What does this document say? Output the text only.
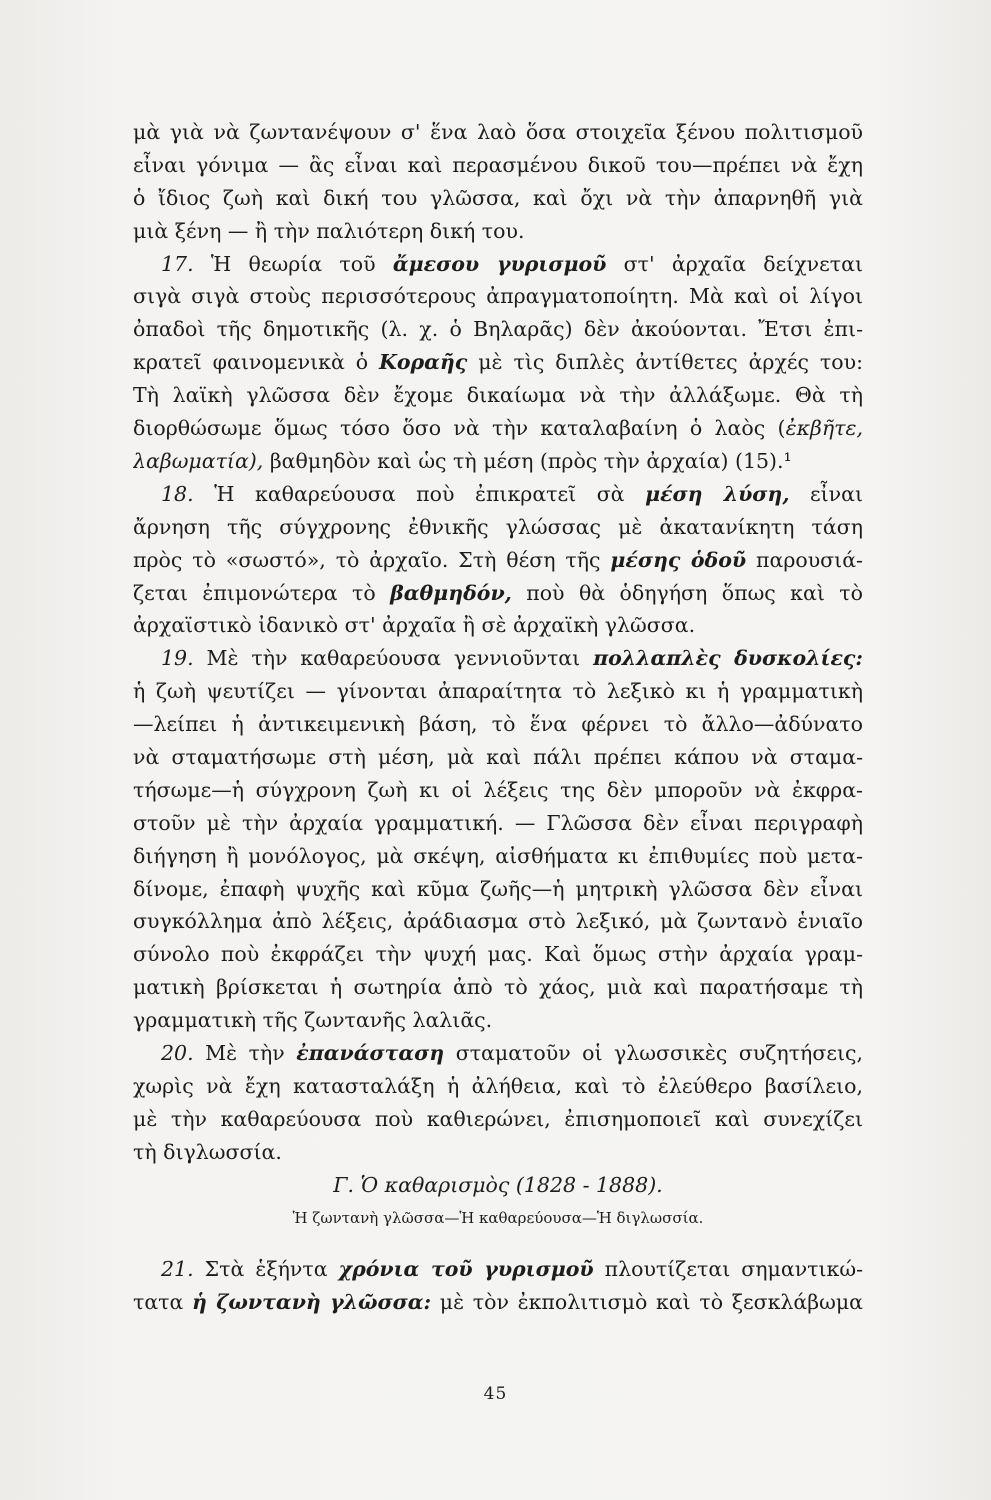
μὰ γιὰ νὰ ζωντανέψουν σ' ἕνα λαὸ ὅσα στοιχεῖα ξένου πολιτισμοῦ
εἶναι γόνιμα — ἂς εἶναι καὶ περασμένου δικοῦ του—πρέπει νὰ ἔχη
ὁ ἴδιος ζωὴ καὶ δική του γλῶσσα, καὶ ὄχι νὰ τὴν ἀπαρνηθῆ γιὰ
μιὰ ξένη — ἢ τὴν παλιότερη δική του.
17. Ἡ θεωρία τοῦ ἄμεσου γυρισμοῦ στ' ἀρχαῖα δείχνεται
σιγὰ σιγὰ στοὺς περισσότερους ἀπραγματοποίητη. Μὰ καὶ οἱ λίγοι
ὀπαδοὶ τῆς δημοτικῆς (λ. χ. ὁ Βηλαρᾶς) δὲν ἀκούονται. Ἔτσι ἐπι-
κρατεῖ φαινομενικὰ ὁ Κοραῆς μὲ τὶς διπλὲς ἀντίθετες ἀρχές του:
Τὴ λαϊκὴ γλῶσσα δὲν ἔχομε δικαίωμα νὰ τὴν ἀλλάξωμε. Θὰ τὴ
διορθώσωμε ὅμως τόσο ὅσο νὰ τὴν καταλαβαίνη ὁ λαὸς (ἐκβῆτε,
λαβωματία), βαθμηδὸν καὶ ὡς τὴ μέση (πρὸς τὴν ἀρχαία) (15).¹
18. Ἡ καθαρεύουσα ποὺ ἐπικρατεῖ σὰ μέση λύση, εἶναι
ἄρνηση τῆς σύγχρονης ἐθνικῆς γλώσσας μὲ ἀκατανίκητη τάση
πρὸς τὸ «σωστό», τὸ ἀρχαῖο. Στὴ θέση τῆς μέσης ὁδοῦ παρουσιά-
ζεται ἐπιμονώτερα τὸ βαθμηδόν, ποὺ θὰ ὁδηγήση ὅπως καὶ τὸ
ἀρχαϊστικὸ ἰδανικὸ στ' ἀρχαῖα ἢ σὲ ἀρχαϊκὴ γλῶσσα.
19. Μὲ τὴν καθαρεύουσα γεννιοῦνται πολλαπλὲς δυσκολίες:
ἡ ζωὴ ψευτίζει — γίνονται ἀπαραίτητα τὸ λεξικὸ κι ἡ γραμματικὴ
—λείπει ἡ ἀντικειμενικὴ βάση, τὸ ἕνα φέρνει τὸ ἄλλο—ἀδύνατο
νὰ σταματήσωμε στὴ μέση, μὰ καὶ πάλι πρέπει κάπου νὰ σταμα-
τήσωμε—ἡ σύγχρονη ζωὴ κι οἱ λέξεις της δὲν μποροῦν νὰ ἐκφρα-
στοῦν μὲ τὴν ἀρχαία γραμματική. — Γλῶσσα δὲν εἶναι περιγραφὴ
διήγηση ἢ μονόλογος, μὰ σκέψη, αἰσθήματα κι ἐπιθυμίες ποὺ μετα-
δίνομε, ἐπαφὴ ψυχῆς καὶ κῦμα ζωῆς—ἡ μητρικὴ γλῶσσα δὲν εἶναι
συγκόλλημα ἀπὸ λέξεις, ἀράδιασμα στὸ λεξικό, μὰ ζωντανὸ ἑνιαῖο
σύνολο ποὺ ἐκφράζει τὴν ψυχή μας. Καὶ ὅμως στὴν ἀρχαία γραμ-
ματικὴ βρίσκεται ἡ σωτηρία ἀπὸ τὸ χάος, μιὰ καὶ παρατήσαμε τὴ
γραμματικὴ τῆς ζωντανῆς λαλιᾶς.
20. Μὲ τὴν ἐπανάσταση σταματοῦν οἱ γλωσσικὲς συζητήσεις,
χωρὶς νὰ ἔχη κατασταλάξη ἡ ἀλήθεια, καὶ τὸ ἐλεύθερο βασίλειο,
μὲ τὴν καθαρεύουσα ποὺ καθιερώνει, ἐπισημοποιεῖ καὶ συνεχίζει
τὴ διγλωσσία.
Γ. Ὁ καθαρισμὸς (1828 - 1888).
Ἡ ζωντανὴ γλῶσσα—Ἡ καθαρεύουσα—Ἡ διγλωσσία.
21. Στὰ ἑξήντα χρόνια τοῦ γυρισμοῦ πλουτίζεται σημαντικώ-
τατα ἡ ζωντανὴ γλῶσσα: μὲ τὸν ἐκπολιτισμὸ καὶ τὸ ξεσκλάβωμα
45
